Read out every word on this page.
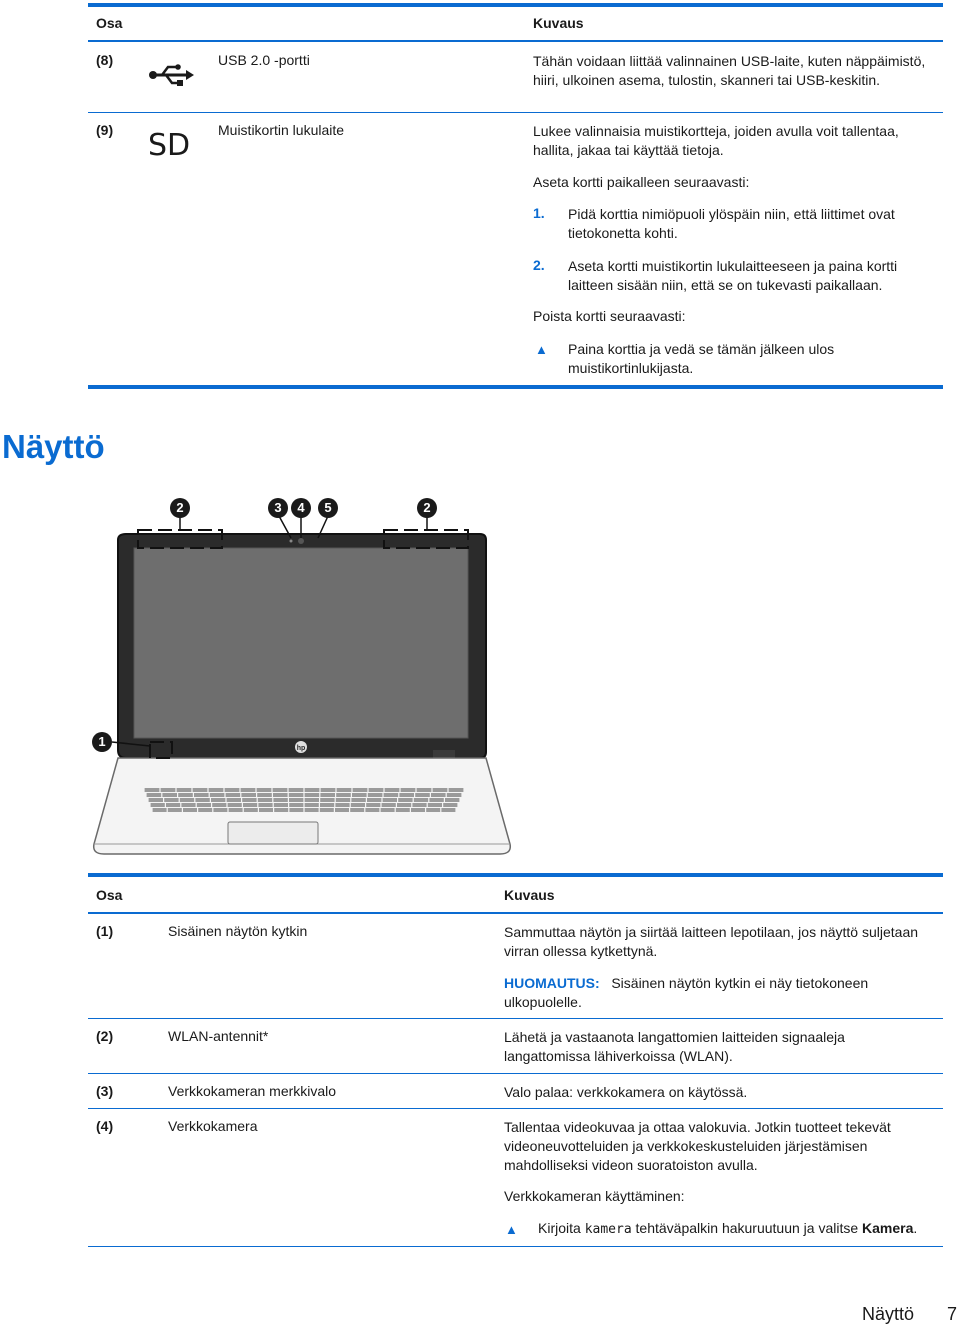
Osa	Kuvaus
(8)	USB 2.0 -portti	Tähän voidaan liittää valinnainen USB-laite, kuten näppäimistö,
hiiri, ulkoinen asema, tulostin, skanneri tai USB-keskitin.
(9) SD Muistikortin lukulaite	Lukee valinnaisia muistikortteja, joiden avulla voit tallentaa,
hallita, jakaa tai käyttää tietoja.
Aseta kortti paikalleen seuraavasti:
1. Pidä korttia nimiöpuoli ylöspäin niin, että liittimet ovat
tietokonetta kohti.
2. Aseta kortti muistikortin lukulaitteeseen ja paina kortti
laitteen sisään niin, että se on tukevasti paikallaan.
Poista kortti seuraavasti:
▲ Paina korttia ja vedä se tämän jälkeen ulos
muistikortinlukijasta.
Näyttö
hp
2	3	4	5	2
1
Osa	Kuvaus
(1)	Sisäinen näytön kytkin	Sammuttaa näytön ja siirtää laitteen lepotilaan, jos näyttö suljetaan
virran ollessa kytkettynä.
HUOMAUTUS: Sisäinen näytön kytkin ei näy tietokoneen
ulkopuolelle.
(2)	WLAN-antennit*	Lähetä ja vastaanota langattomien laitteiden signaaleja
langattomissa lähiverkoissa (WLAN).
(3)	Verkkokameran merkkivalo	Valo palaa: verkkokamera on käytössä.
(4)	Verkkokamera	Tallentaa videokuvaa ja ottaa valokuvia. Jotkin tuotteet tekevät
videoneuvotteluiden ja verkkokeskusteluiden järjestämisen
mahdolliseksi videon suoratoiston avulla.
Verkkokameran käyttäminen:
▲ Kirjoita kamera tehtäväpalkin hakuruutuun ja valitse Kamera.
Näyttö 7
